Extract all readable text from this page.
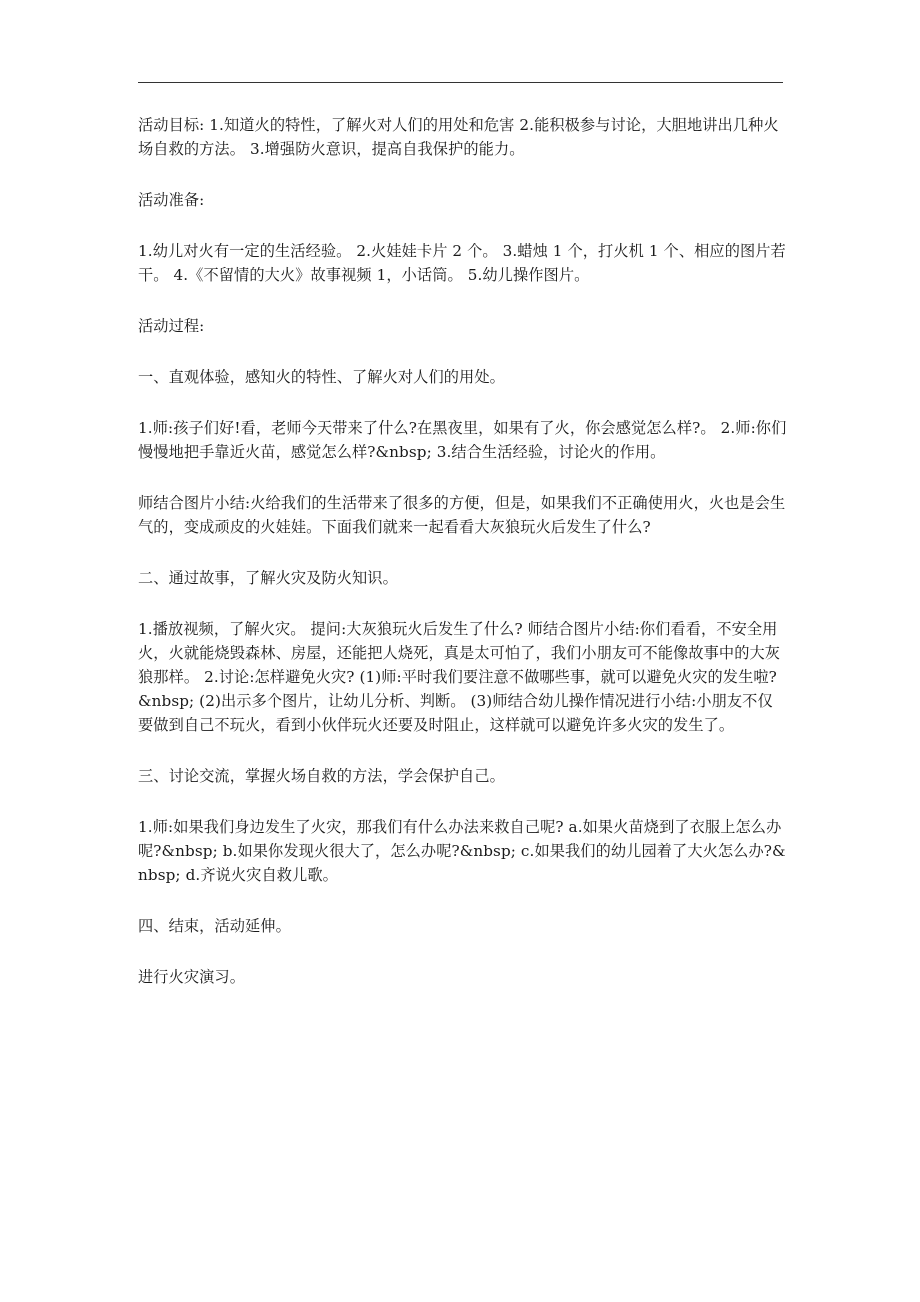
活动目标: 1.知道火的特性，了解火对人们的用处和危害 2.能积极参与讨论，大胆地讲出几种火场自救的方法。 3.增强防火意识，提高自我保护的能力。

活动准备:

1.幼儿对火有一定的生活经验。 2.火娃娃卡片 2 个。 3.蜡烛 1 个，打火机 1 个、相应的图片若干。 4.《不留情的大火》故事视频 1，小话筒。 5.幼儿操作图片。

活动过程:

一、直观体验，感知火的特性、了解火对人们的用处。

1.师:孩子们好!看，老师今天带来了什么?在黑夜里，如果有了火，你会感觉怎么样?。 2.师:你们慢慢地把手靠近火苗，感觉怎么样?&nbsp; 3.结合生活经验，讨论火的作用。

师结合图片小结:火给我们的生活带来了很多的方便，但是，如果我们不正确使用火，火也是会生气的，变成顽皮的火娃娃。下面我们就来一起看看大灰狼玩火后发生了什么?

二、通过故事，了解火灾及防火知识。

1.播放视频，了解火灾。 提问:大灰狼玩火后发生了什么? 师结合图片小结:你们看看，不安全用火，火就能烧毁森林、房屋，还能把人烧死，真是太可怕了，我们小朋友可不能像故事中的大灰狼那样。 2.讨论:怎样避免火灾? (1)师:平时我们要注意不做哪些事，就可以避免火灾的发生啦?&nbsp; (2)出示多个图片，让幼儿分析、判断。 (3)师结合幼儿操作情况进行小结:小朋友不仅要做到自己不玩火，看到小伙伴玩火还要及时阻止，这样就可以避免许多火灾的发生了。

三、讨论交流，掌握火场自救的方法，学会保护自己。

1.师:如果我们身边发生了火灾，那我们有什么办法来救自己呢? a.如果火苗烧到了衣服上怎么办呢?&nbsp; b.如果你发现火很大了，怎么办呢?&nbsp; c.如果我们的幼儿园着了大火怎么办?&nbsp; d.齐说火灾自救儿歌。

四、结束，活动延伸。

进行火灾演习。
